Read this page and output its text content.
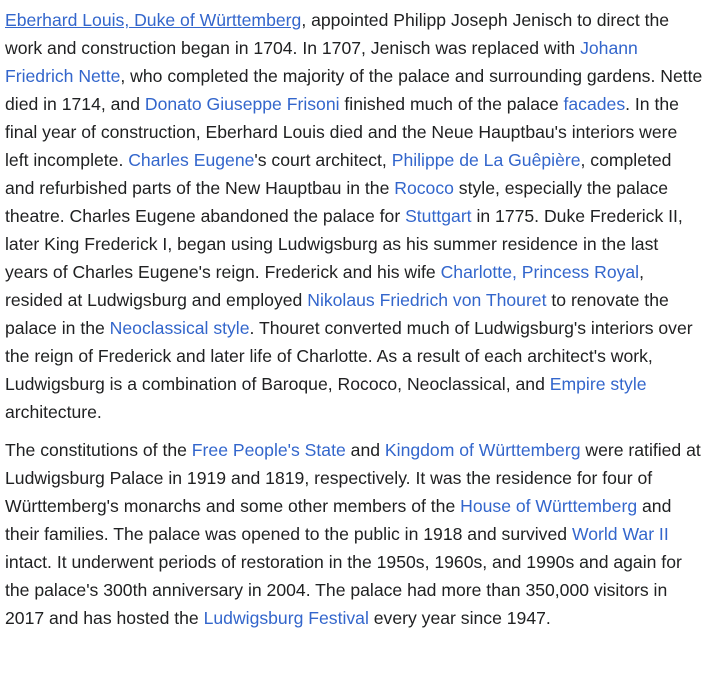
Eberhard Louis, Duke of Württemberg, appointed Philipp Joseph Jenisch to direct the work and construction began in 1704. In 1707, Jenisch was replaced with Johann Friedrich Nette, who completed the majority of the palace and surrounding gardens. Nette died in 1714, and Donato Giuseppe Frisoni finished much of the palace facades. In the final year of construction, Eberhard Louis died and the Neue Hauptbau's interiors were left incomplete. Charles Eugene's court architect, Philippe de La Guêpière, completed and refurbished parts of the New Hauptbau in the Rococo style, especially the palace theatre. Charles Eugene abandoned the palace for Stuttgart in 1775. Duke Frederick II, later King Frederick I, began using Ludwigsburg as his summer residence in the last years of Charles Eugene's reign. Frederick and his wife Charlotte, Princess Royal, resided at Ludwigsburg and employed Nikolaus Friedrich von Thouret to renovate the palace in the Neoclassical style. Thouret converted much of Ludwigsburg's interiors over the reign of Frederick and later life of Charlotte. As a result of each architect's work, Ludwigsburg is a combination of Baroque, Rococo, Neoclassical, and Empire style architecture.

The constitutions of the Free People's State and Kingdom of Württemberg were ratified at Ludwigsburg Palace in 1919 and 1819, respectively. It was the residence for four of Württemberg's monarchs and some other members of the House of Württemberg and their families. The palace was opened to the public in 1918 and survived World War II intact. It underwent periods of restoration in the 1950s, 1960s, and 1990s and again for the palace's 300th anniversary in 2004. The palace had more than 350,000 visitors in 2017 and has hosted the Ludwigsburg Festival every year since 1947.
